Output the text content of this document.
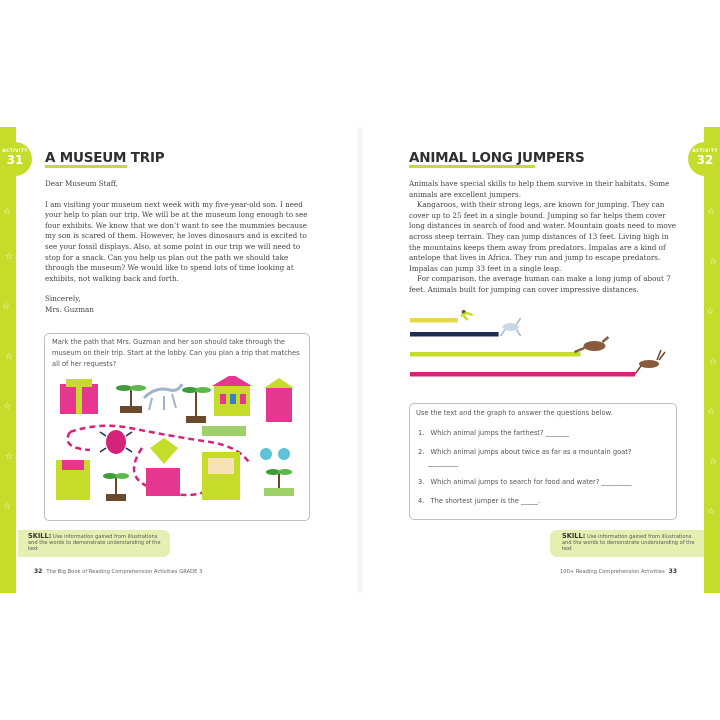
☆
☆
☆
☆
☆
☆
☆
☆
☆
☆
☆
☆
☆
☆
ACTIVITY
31	A MUSEUM TRIP

Dear Museum Staff,

I am visiting your museum next week with my five-year-old son. I need your help to plan our trip. We will be at the museum long enough to see four exhibits. We know that we don’t want to see the mummies because my son is scared of them. However, he loves dinosaurs and is excited to see your fossil displays. Also, at some point in our trip we will need to stop for a snack. Can you help us plan out the path we should take through the museum? We would like to spend lots of time looking at exhibits, not walking back and forth.

Sincerely,

Mrs. Guzman

Mark the path that Mrs. Guzman and her son should take through the museum on their trip. Start at the lobby. Can you plan a trip that matches all of her requests?
SKILL: Use information gained from illustrations and the words to demonstrate understanding of the text
32 The Big Book of Reading Comprehension Activities GRADE 3
ACTIVITY
32
ANIMAL LONG JUMPERS

Animals have special skills to help them survive in their habitats. Some animals are excellent jumpers.

Kangaroos, with their strong legs, are known for jumping. They can cover up to 25 feet in a single bound. Jumping so far helps them cover long distances in search of food and water. Mountain goats need to move across steep terrain. They can jump distances of 13 feet. Living high in the mountains keeps them away from predators. Impalas are a kind of antelope that lives in Africa. They run and jump to escape predators. Impalas can jump 33 feet in a single leap.

For comparison, the average human can make a long jump of about 7 feet. Animals built for jumping can cover impressive distances.

Use the text and the graph to answer the questions below.
1. Which animal jumps the farthest? _______
2. Which animal jumps about twice as far as a mountain goat? _________
3. Which animal jumps to search for food and water? _________
4. The shortest jumper is the _____.
SKILL: Use information gained from illustrations and the words to demonstrate understanding of the text
100+ Reading Comprehension Activities 33
